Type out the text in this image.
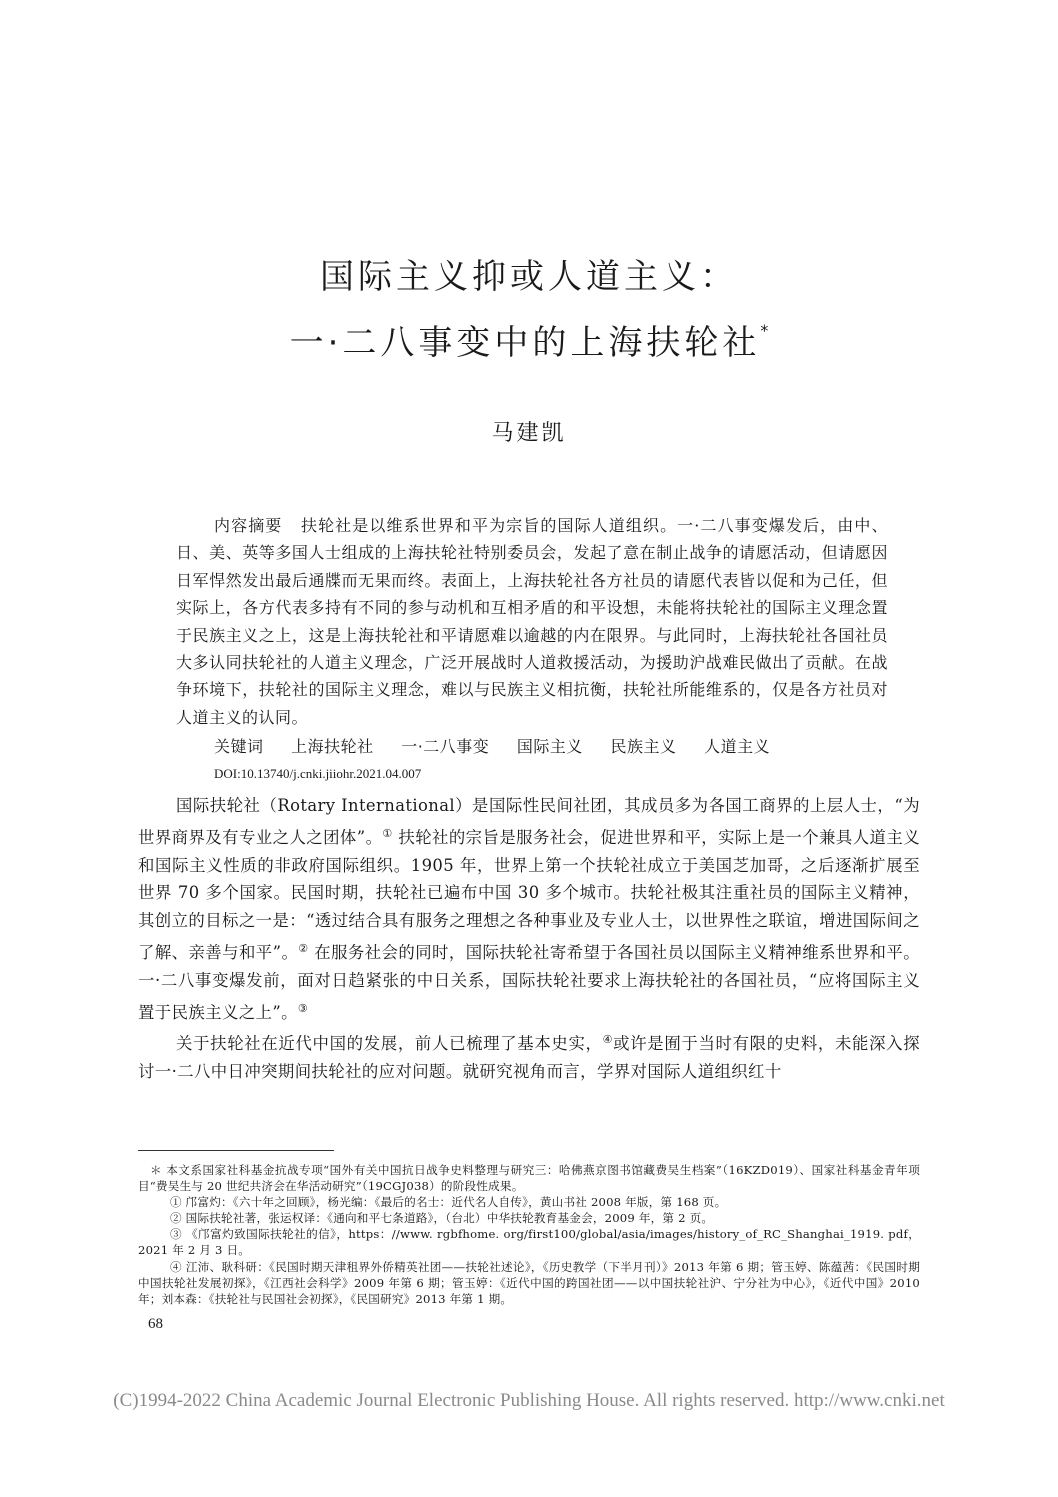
国际主义抑或人道主义：
一·二八事变中的上海扶轮社*
马建凯
内容摘要 扶轮社是以维系世界和平为宗旨的国际人道组织。一·二八事变爆发后，由中、日、美、英等多国人士组成的上海扶轮社特别委员会，发起了意在制止战争的请愿活动，但请愿因日军悍然发出最后通牒而无果而终。表面上，上海扶轮社各方社员的请愿代表皆以促和为己任，但实际上，各方代表多持有不同的参与动机和互相矛盾的和平设想，未能将扶轮社的国际主义理念置于民族主义之上，这是上海扶轮社和平请愿难以逾越的内在限界。与此同时，上海扶轮社各国社员大多认同扶轮社的人道主义理念，广泛开展战时人道救援活动，为援助沪战难民做出了贡献。在战争环境下，扶轮社的国际主义理念，难以与民族主义相抗衡，扶轮社所能维系的，仅是各方社员对人道主义的认同。
关键词 上海扶轮社 一·二八事变 国际主义 民族主义 人道主义
DOI:10.13740/j.cnki.jiiohr.2021.04.007

国际扶轮社（Rotary International）是国际性民间社团，其成员多为各国工商界的上层人士，“为世界商界及有专业之人之团体”。① 扶轮社的宗旨是服务社会，促进世界和平，实际上是一个兼具人道主义和国际主义性质的非政府国际组织。1905 年，世界上第一个扶轮社成立于美国芝加哥，之后逐渐扩展至世界 70 多个国家。民国时期，扶轮社已遍布中国 30 多个城市。扶轮社极其注重社员的国际主义精神，其创立的目标之一是：“透过结合具有服务之理想之各种事业及专业人士，以世界性之联谊，增进国际间之了解、亲善与和平”。② 在服务社会的同时，国际扶轮社寄希望于各国社员以国际主义精神维系世界和平。一·二八事变爆发前，面对日趋紧张的中日关系，国际扶轮社要求上海扶轮社的各国社员，“应将国际主义置于民族主义之上”。③

关于扶轮社在近代中国的发展，前人已梳理了基本史实，④或许是囿于当时有限的史料，未能深入探讨一·二八中日冲突期间扶轮社的应对问题。就研究视角而言，学界对国际人道组织红十

＊ 本文系国家社科基金抗战专项“国外有关中国抗日战争史料整理与研究三：哈佛燕京图书馆藏费吴生档案”（16KZD019）、国家社科基金青年项目“费吴生与 20 世纪共济会在华活动研究”（19CGJ038）的阶段性成果。

① 邝富灼：《六十年之回顾》，杨光编：《最后的名士：近代名人自传》，黄山书社 2008 年版，第 168 页。

② 国际扶轮社著，张运权译：《通向和平七条道路》，（台北）中华扶轮教育基金会，2009 年，第 2 页。

③ 《邝富灼致国际扶轮社的信》，https：//www. rgbfhome. org/first100/global/asia/images/history_of_RC_Shanghai_1919. pdf，2021 年 2 月 3 日。

④ 江沛、耿科研：《民国时期天津租界外侨精英社团——扶轮社述论》，《历史教学（下半月刊）》2013 年第 6 期；管玉婷、陈蕴茜：《民国时期中国扶轮社发展初探》，《江西社会科学》2009 年第 6 期；管玉婷：《近代中国的跨国社团——以中国扶轮社沪、宁分社为中心》，《近代中国》2010 年；刘本森：《扶轮社与民国社会初探》，《民国研究》2013 年第 1 期。

68
(C)1994-2022 China Academic Journal Electronic Publishing House. All rights reserved. http://www.cnki.net
